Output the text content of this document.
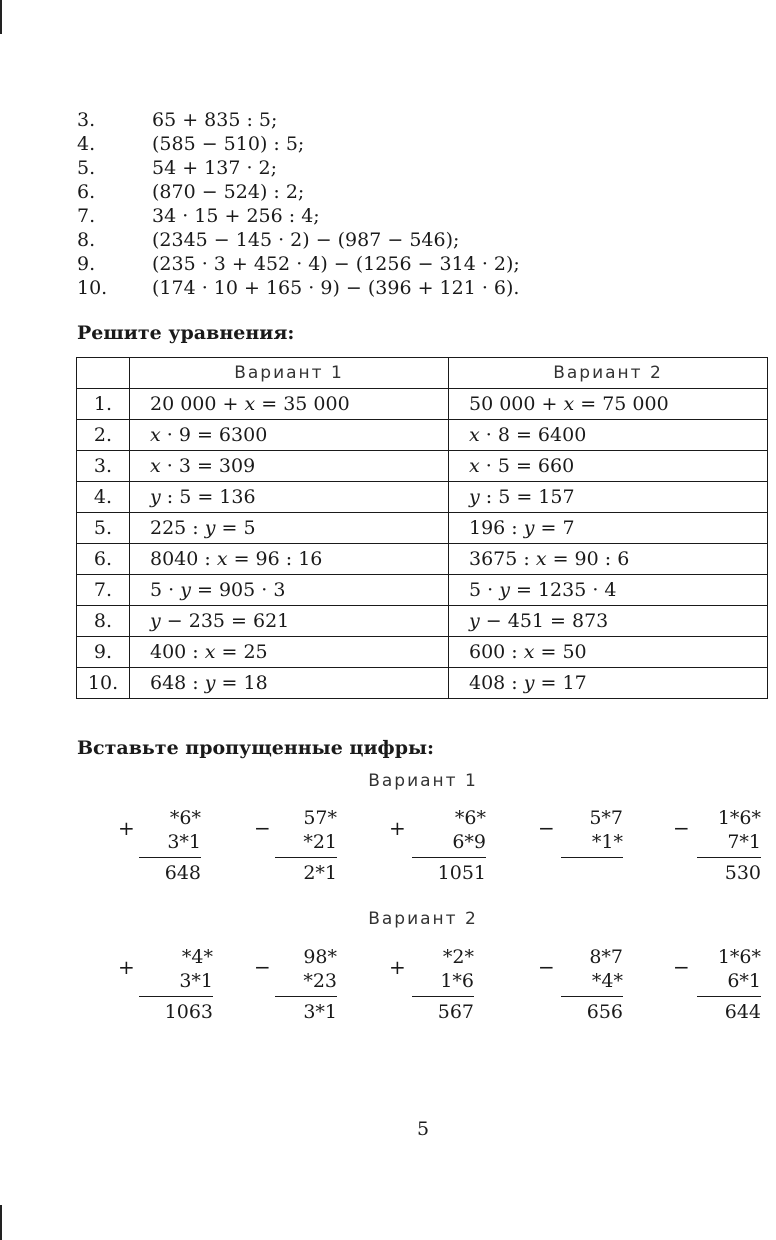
3.	65 + 835 : 5;
4.	(585 − 510) : 5;
5.	54 + 137 · 2;
6.	(870 − 524) : 2;
7.	34 · 15 + 256 : 4;
8.	(2345 − 145 · 2) − (987 − 546);
9.	(235 · 3 + 452 · 4) − (1256 − 314 · 2);
10.	(174 · 10 + 165 · 9) − (396 + 121 · 6).
Решите уравнения:
	Вариант 1	Вариант 2
1.	20 000 + x = 35 000	50 000 + x = 75 000
2.	x · 9 = 6300	x · 8 = 6400
3.	x · 3 = 309	x · 5 = 660
4.	y : 5 = 136	y : 5 = 157
5.	225 : y = 5	196 : y = 7
6.	8040 : x = 96 : 16	3675 : x = 90 : 6
7.	5 · y = 905 · 3	5 · y = 1235 · 4
8.	y − 235 = 621	y − 451 = 873
9.	400 : x = 25	600 : x = 50
10.	648 : y = 18	408 : y = 17
Вставьте пропущенные цифры:
Вариант 1
+	*6*
3*1
648
−	57*
*21
2*1
+	*6*
6*9
1051
−	5*7
*1*
−	1*6*
7*1
530
Вариант 2
+	*4*
3*1
1063
−	98*
*23
3*1
+	*2*
1*6
567
−	8*7
*4*
656
−	1*6*
6*1
644
5
